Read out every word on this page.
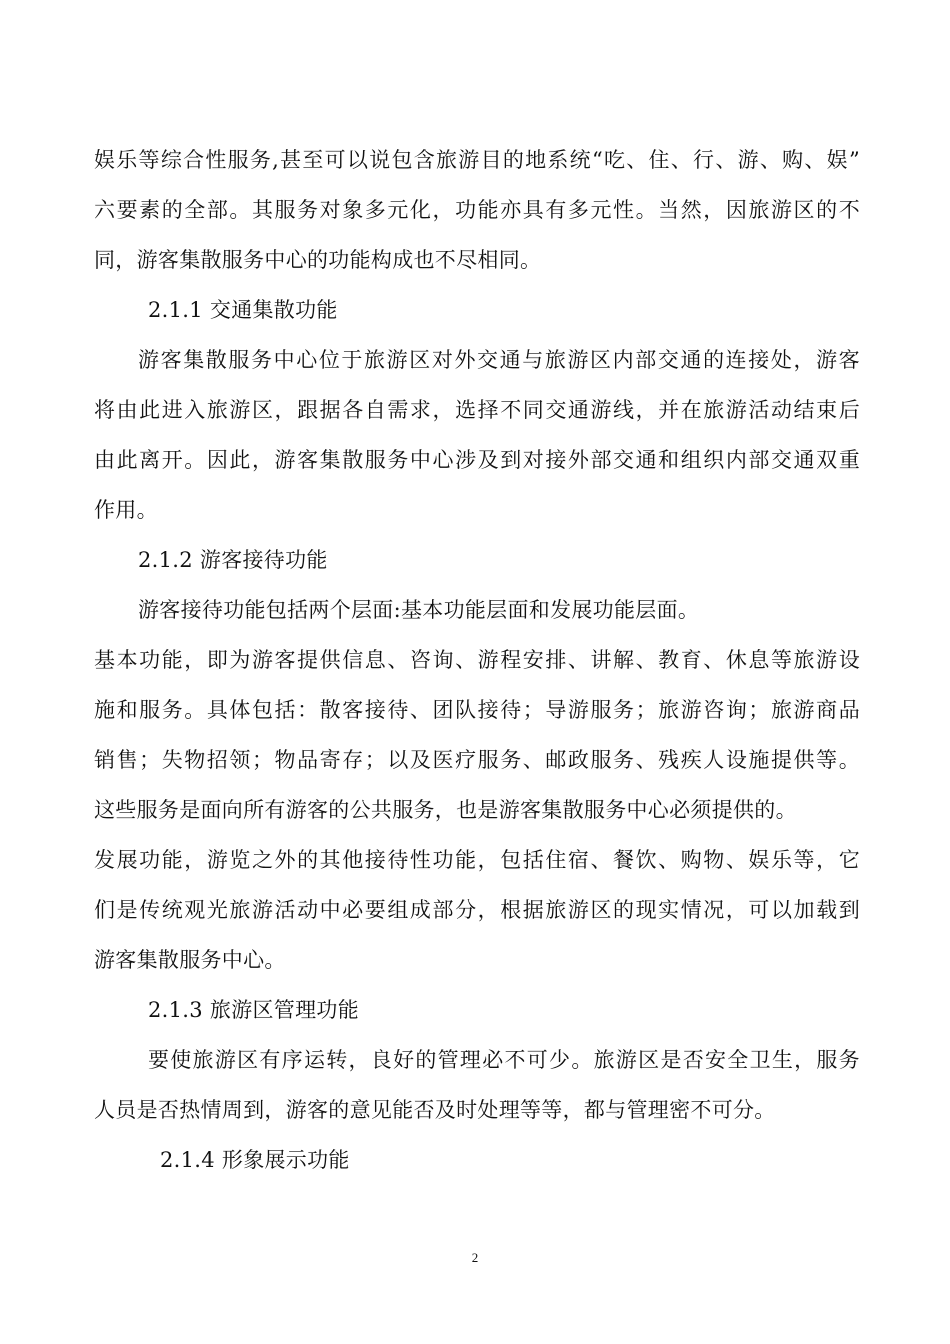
娱乐等综合性服务,甚至可以说包含旅游目的地系统“吃、住、行、游、购、娱”
六要素的全部。其服务对象多元化，功能亦具有多元性。当然，因旅游区的不
同，游客集散服务中心的功能构成也不尽相同。
2.1.1 交通集散功能
游客集散服务中心位于旅游区对外交通与旅游区内部交通的连接处，游客
将由此进入旅游区，跟据各自需求，选择不同交通游线，并在旅游活动结束后
由此离开。因此，游客集散服务中心涉及到对接外部交通和组织内部交通双重
作用。
2.1.2 游客接待功能
游客接待功能包括两个层面:基本功能层面和发展功能层面。
基本功能，即为游客提供信息、咨询、游程安排、讲解、教育、休息等旅游设
施和服务。具体包括：散客接待、团队接待；导游服务；旅游咨询；旅游商品
销售；失物招领；物品寄存；以及医疗服务、邮政服务、残疾人设施提供等。
这些服务是面向所有游客的公共服务，也是游客集散服务中心必须提供的。
发展功能，游览之外的其他接待性功能，包括住宿、餐饮、购物、娱乐等，它
们是传统观光旅游活动中必要组成部分，根据旅游区的现实情况，可以加载到
游客集散服务中心。
2.1.3 旅游区管理功能
要使旅游区有序运转，良好的管理必不可少。旅游区是否安全卫生，服务
人员是否热情周到，游客的意见能否及时处理等等，都与管理密不可分。
2.1.4 形象展示功能
2
